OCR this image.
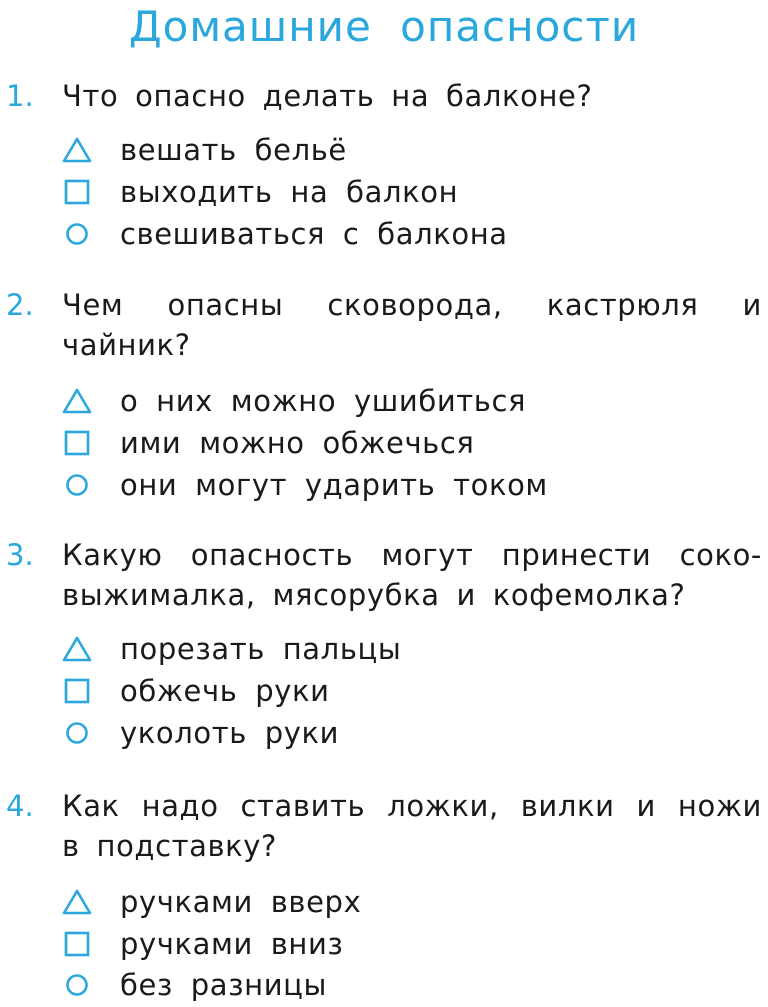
Домашние опасности
1. Что опасно делать на балконе?
вешать бельё
выходить на балкон
свешиваться с балкона
2. Чем опасны сковорода, кастрюля и
чайник?
о них можно ушибиться
ими можно обжечься
они могут ударить током
3. Какую опасность могут принести соко-
выжималка, мясорубка и кофемолка?
порезать пальцы
обжечь руки
уколоть руки
4. Как надо ставить ложки, вилки и ножи
в подставку?
ручками вверх
ручками вниз
без разницы
